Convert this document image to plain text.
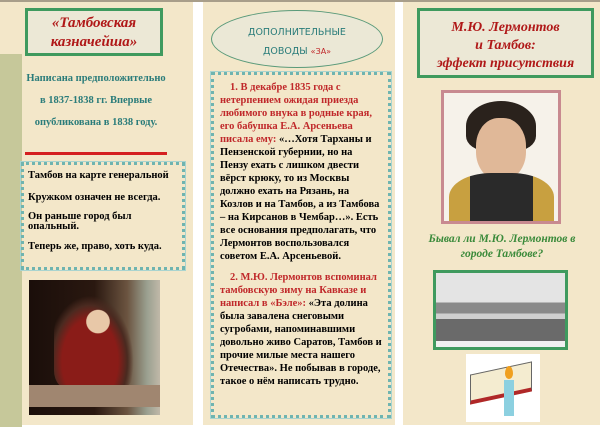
«Тамбовская казначейша»
Написана предположительно в 1837-1838 гг. Впервые опубликована в 1838 году.
Тамбов на карте генеральной
Кружком означен не всегда.
Он раньше город был опальный.
Теперь же, право, хоть куда.
ДОПОЛНИТЕЛЬНЫЕ
ДОВОДЫ «ЗА»

1. В декабре 1835 года с нетерпением ожидая приезда любимого внука в родные края, его бабушка Е.А. Арсеньева писала ему: «…Хотя Тарханы и Пензенской губернии, но на Пензу ехать с лишком двести вёрст крюку, то из Москвы должно ехать на Рязань, на Козлов и на Тамбов, а из Тамбова – на Кирсанов в Чембар…». Есть все основания предполагать, что Лермонтов воспользовался советом Е.А. Арсеньевой.

2. М.Ю. Лермонтов вспоминал тамбовскую зиму на Кавказе и написал в «Бэле»: «Эта долина была завалена снеговыми сугробами, напоминавшими довольно живо Саратов, Тамбов и прочие милые места нашего Отечества». Не побывав в городе, такое о нём написать трудно.

М.Ю. Лермонтов
и Тамбов:
эффект присутствия
Бывал ли М.Ю. Лермонтов в городе Тамбове?
